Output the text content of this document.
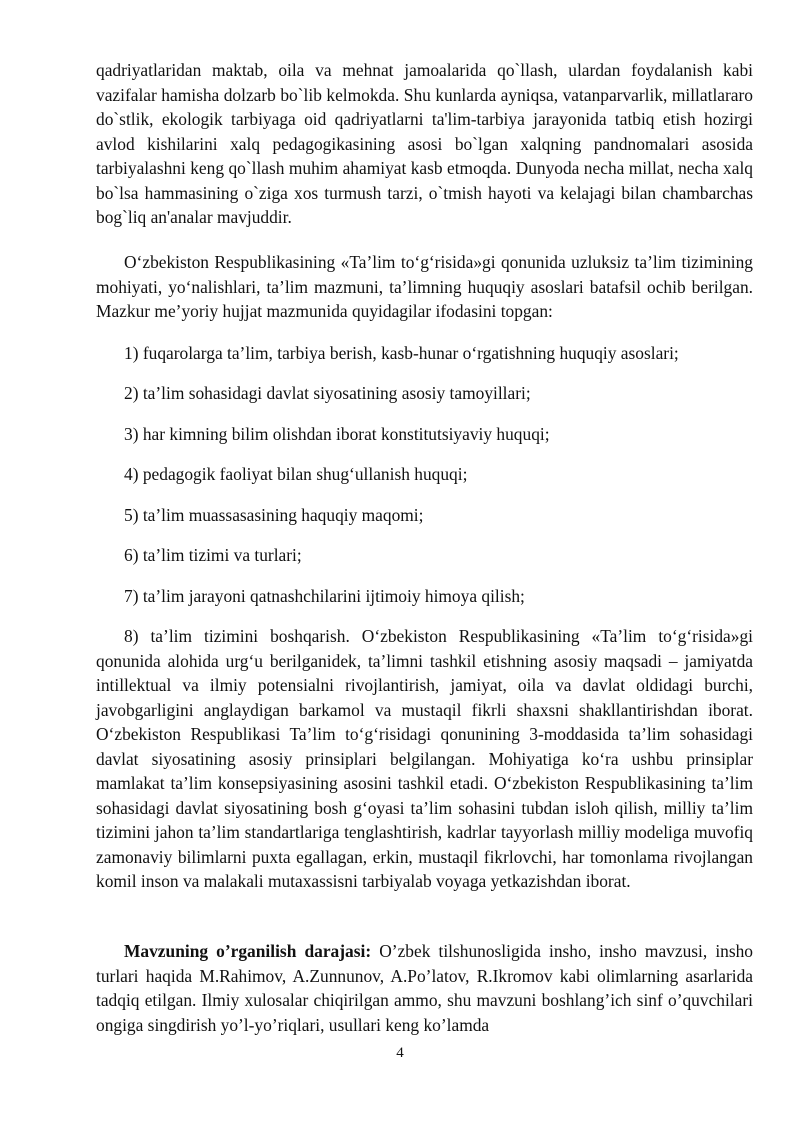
qadriyatlaridan maktab, oila va mehnat jamoalarida qo`llash, ulardan foydalanish kabi vazifalar hamisha dolzarb bo`lib kelmokda. Shu kunlarda ayniqsa, vatanparvarlik, millatlararo do`stlik, ekologik tarbiyaga oid qadriyatlarni ta'lim-tarbiya jarayonida tatbiq etish hozirgi avlod kishilarini xalq pedagogikasining asosi bo`lgan xalqning pandnomalari asosida tarbiyalashni keng qo`llash muhim ahamiyat kasb etmoqda. Dunyoda necha millat, necha xalq bo`lsa hammasining o`ziga xos turmush tarzi, o`tmish hayoti va kelajagi bilan chambarchas bog`liq an'analar mavjuddir.

O‘zbekiston Respublikasining «Ta’lim to‘g‘risida»gi qonunida uzluksiz ta’lim tizimining mohiyati, yo‘nalishlari, ta’lim mazmuni, ta’limning huquqiy asoslari batafsil ochib berilgan. Mazkur me’yoriy hujjat mazmunida quyidagilar ifodasini topgan:

1) fuqarolarga ta’lim, tarbiya berish, kasb-hunar o‘rgatishning huquqiy asoslari;

2) ta’lim sohasidagi davlat siyosatining asosiy tamoyillari;

3) har kimning bilim olishdan iborat konstitutsiyaviy huquqi;

4) pedagogik faoliyat bilan shug‘ullanish huquqi;

5) ta’lim muassasasining haquqiy maqomi;

6) ta’lim tizimi va turlari;

7) ta’lim jarayoni qatnashchilarini ijtimoiy himoya qilish;

8) ta’lim tizimini boshqarish. O‘zbekiston Respublikasining «Ta’lim to‘g‘risida»gi qonunida alohida urg‘u berilganidek, ta’limni tashkil etishning asosiy maqsadi – jamiyatda intillektual va ilmiy potensialni rivojlantirish, jamiyat, oila va davlat oldidagi burchi, javobgarligini anglaydigan barkamol va mustaqil fikrli shaxsni shakllantirishdan iborat. O‘zbekiston Respublikasi Ta’lim to‘g‘risidagi qonunining 3-moddasida ta’lim sohasidagi davlat siyosatining asosiy prinsiplari belgilangan. Mohiyatiga ko‘ra ushbu prinsiplar mamlakat ta’lim konsepsiyasining asosini tashkil etadi. O‘zbekiston Respublikasining ta’lim sohasidagi davlat siyosatining bosh g‘oyasi ta’lim sohasini tubdan isloh qilish, milliy ta’lim tizimini jahon ta’lim standartlariga tenglashtirish, kadrlar tayyorlash milliy modeliga muvofiq zamonaviy bilimlarni puxta egallagan, erkin, mustaqil fikrlovchi, har tomonlama rivojlangan komil inson va malakali mutaxassisni tarbiyalab voyaga yetkazishdan iborat.

Mavzuning o’rganilish darajasi: O’zbek tilshunosligida insho, insho mavzusi, insho turlari haqida M.Rahimov, A.Zunnunov, A.Po’latov, R.Ikromov kabi olimlarning asarlarida tadqiq etilgan. Ilmiy xulosalar chiqirilgan ammo, shu mavzuni boshlang’ich sinf o’quvchilari ongiga singdirish yo’l-yo’riqlari, usullari keng ko’lamda

4
